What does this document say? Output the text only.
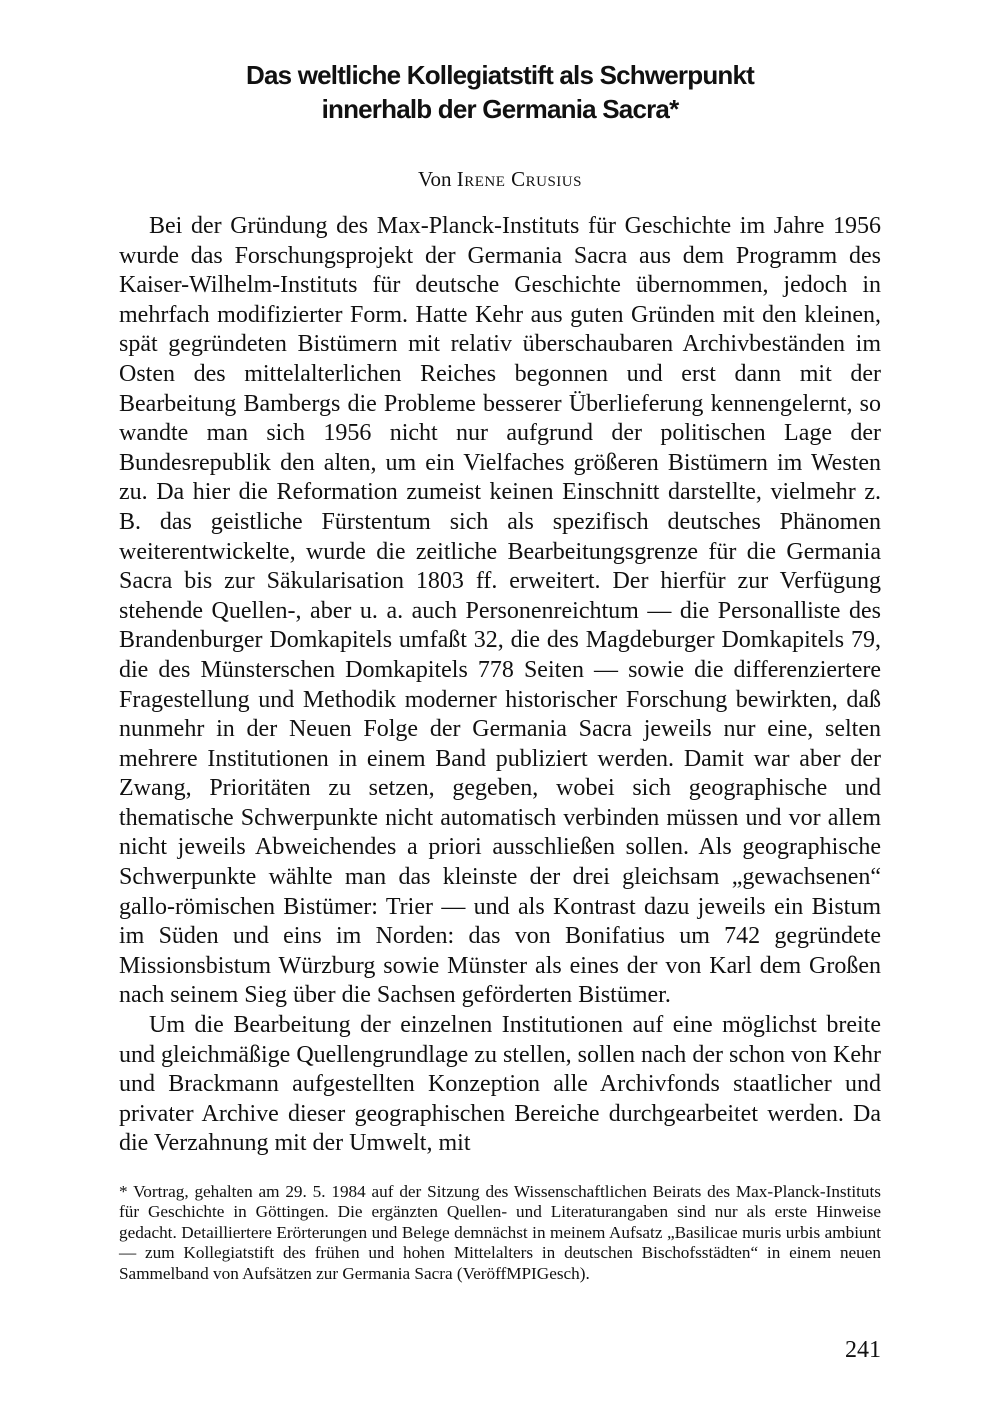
Das weltliche Kollegiatstift als Schwerpunkt
innerhalb der Germania Sacra*
Von Irene Crusius

Bei der Gründung des Max-Planck-Instituts für Geschichte im Jahre 1956 wurde das Forschungsprojekt der Germania Sacra aus dem Programm des Kaiser-Wilhelm-Instituts für deutsche Geschichte übernommen, jedoch in mehrfach modifizierter Form. Hatte Kehr aus guten Gründen mit den kleinen, spät gegründeten Bistümern mit relativ überschaubaren Archivbeständen im Osten des mittelalterlichen Reiches begonnen und erst dann mit der Bearbeitung Bambergs die Probleme besserer Überlieferung kennengelernt, so wandte man sich 1956 nicht nur aufgrund der politischen Lage der Bundesrepublik den alten, um ein Vielfaches größeren Bistümern im Westen zu. Da hier die Reformation zumeist keinen Einschnitt darstellte, vielmehr z. B. das geistliche Fürstentum sich als spezifisch deutsches Phänomen weiterentwickelte, wurde die zeitliche Bearbeitungsgrenze für die Germania Sacra bis zur Säkularisation 1803 ff. erweitert. Der hierfür zur Verfügung stehende Quellen-, aber u. a. auch Personenreichtum — die Personalliste des Brandenburger Domkapitels umfaßt 32, die des Magdeburger Domkapitels 79, die des Münsterschen Domkapitels 778 Seiten — sowie die differenziertere Fragestellung und Methodik moderner historischer Forschung bewirkten, daß nunmehr in der Neuen Folge der Germania Sacra jeweils nur eine, selten mehrere Institutionen in einem Band publiziert werden. Damit war aber der Zwang, Prioritäten zu setzen, gegeben, wobei sich geographische und thematische Schwerpunkte nicht automatisch verbinden müssen und vor allem nicht jeweils Abweichendes a priori ausschließen sollen. Als geographische Schwerpunkte wählte man das kleinste der drei gleichsam „gewachsenen“ gallo-römischen Bistümer: Trier — und als Kontrast dazu jeweils ein Bistum im Süden und eins im Norden: das von Bonifatius um 742 gegründete Missionsbistum Würzburg sowie Münster als eines der von Karl dem Großen nach seinem Sieg über die Sachsen geförderten Bistümer.

Um die Bearbeitung der einzelnen Institutionen auf eine möglichst breite und gleichmäßige Quellengrundlage zu stellen, sollen nach der schon von Kehr und Brackmann aufgestellten Konzeption alle Archivfonds staatlicher und privater Archive dieser geographischen Bereiche durchgearbeitet werden. Da die Verzahnung mit der Umwelt, mit

* Vortrag, gehalten am 29. 5. 1984 auf der Sitzung des Wissenschaftlichen Beirats des Max-Planck-Instituts für Geschichte in Göttingen. Die ergänzten Quellen- und Literaturangaben sind nur als erste Hinweise gedacht. Detailliertere Erörterungen und Belege demnächst in meinem Aufsatz „Basilicae muris urbis ambiunt — zum Kollegiatstift des frühen und hohen Mittelalters in deutschen Bischofsstädten“ in einem neuen Sammelband von Aufsätzen zur Germania Sacra (VeröffMPIGesch).
241
